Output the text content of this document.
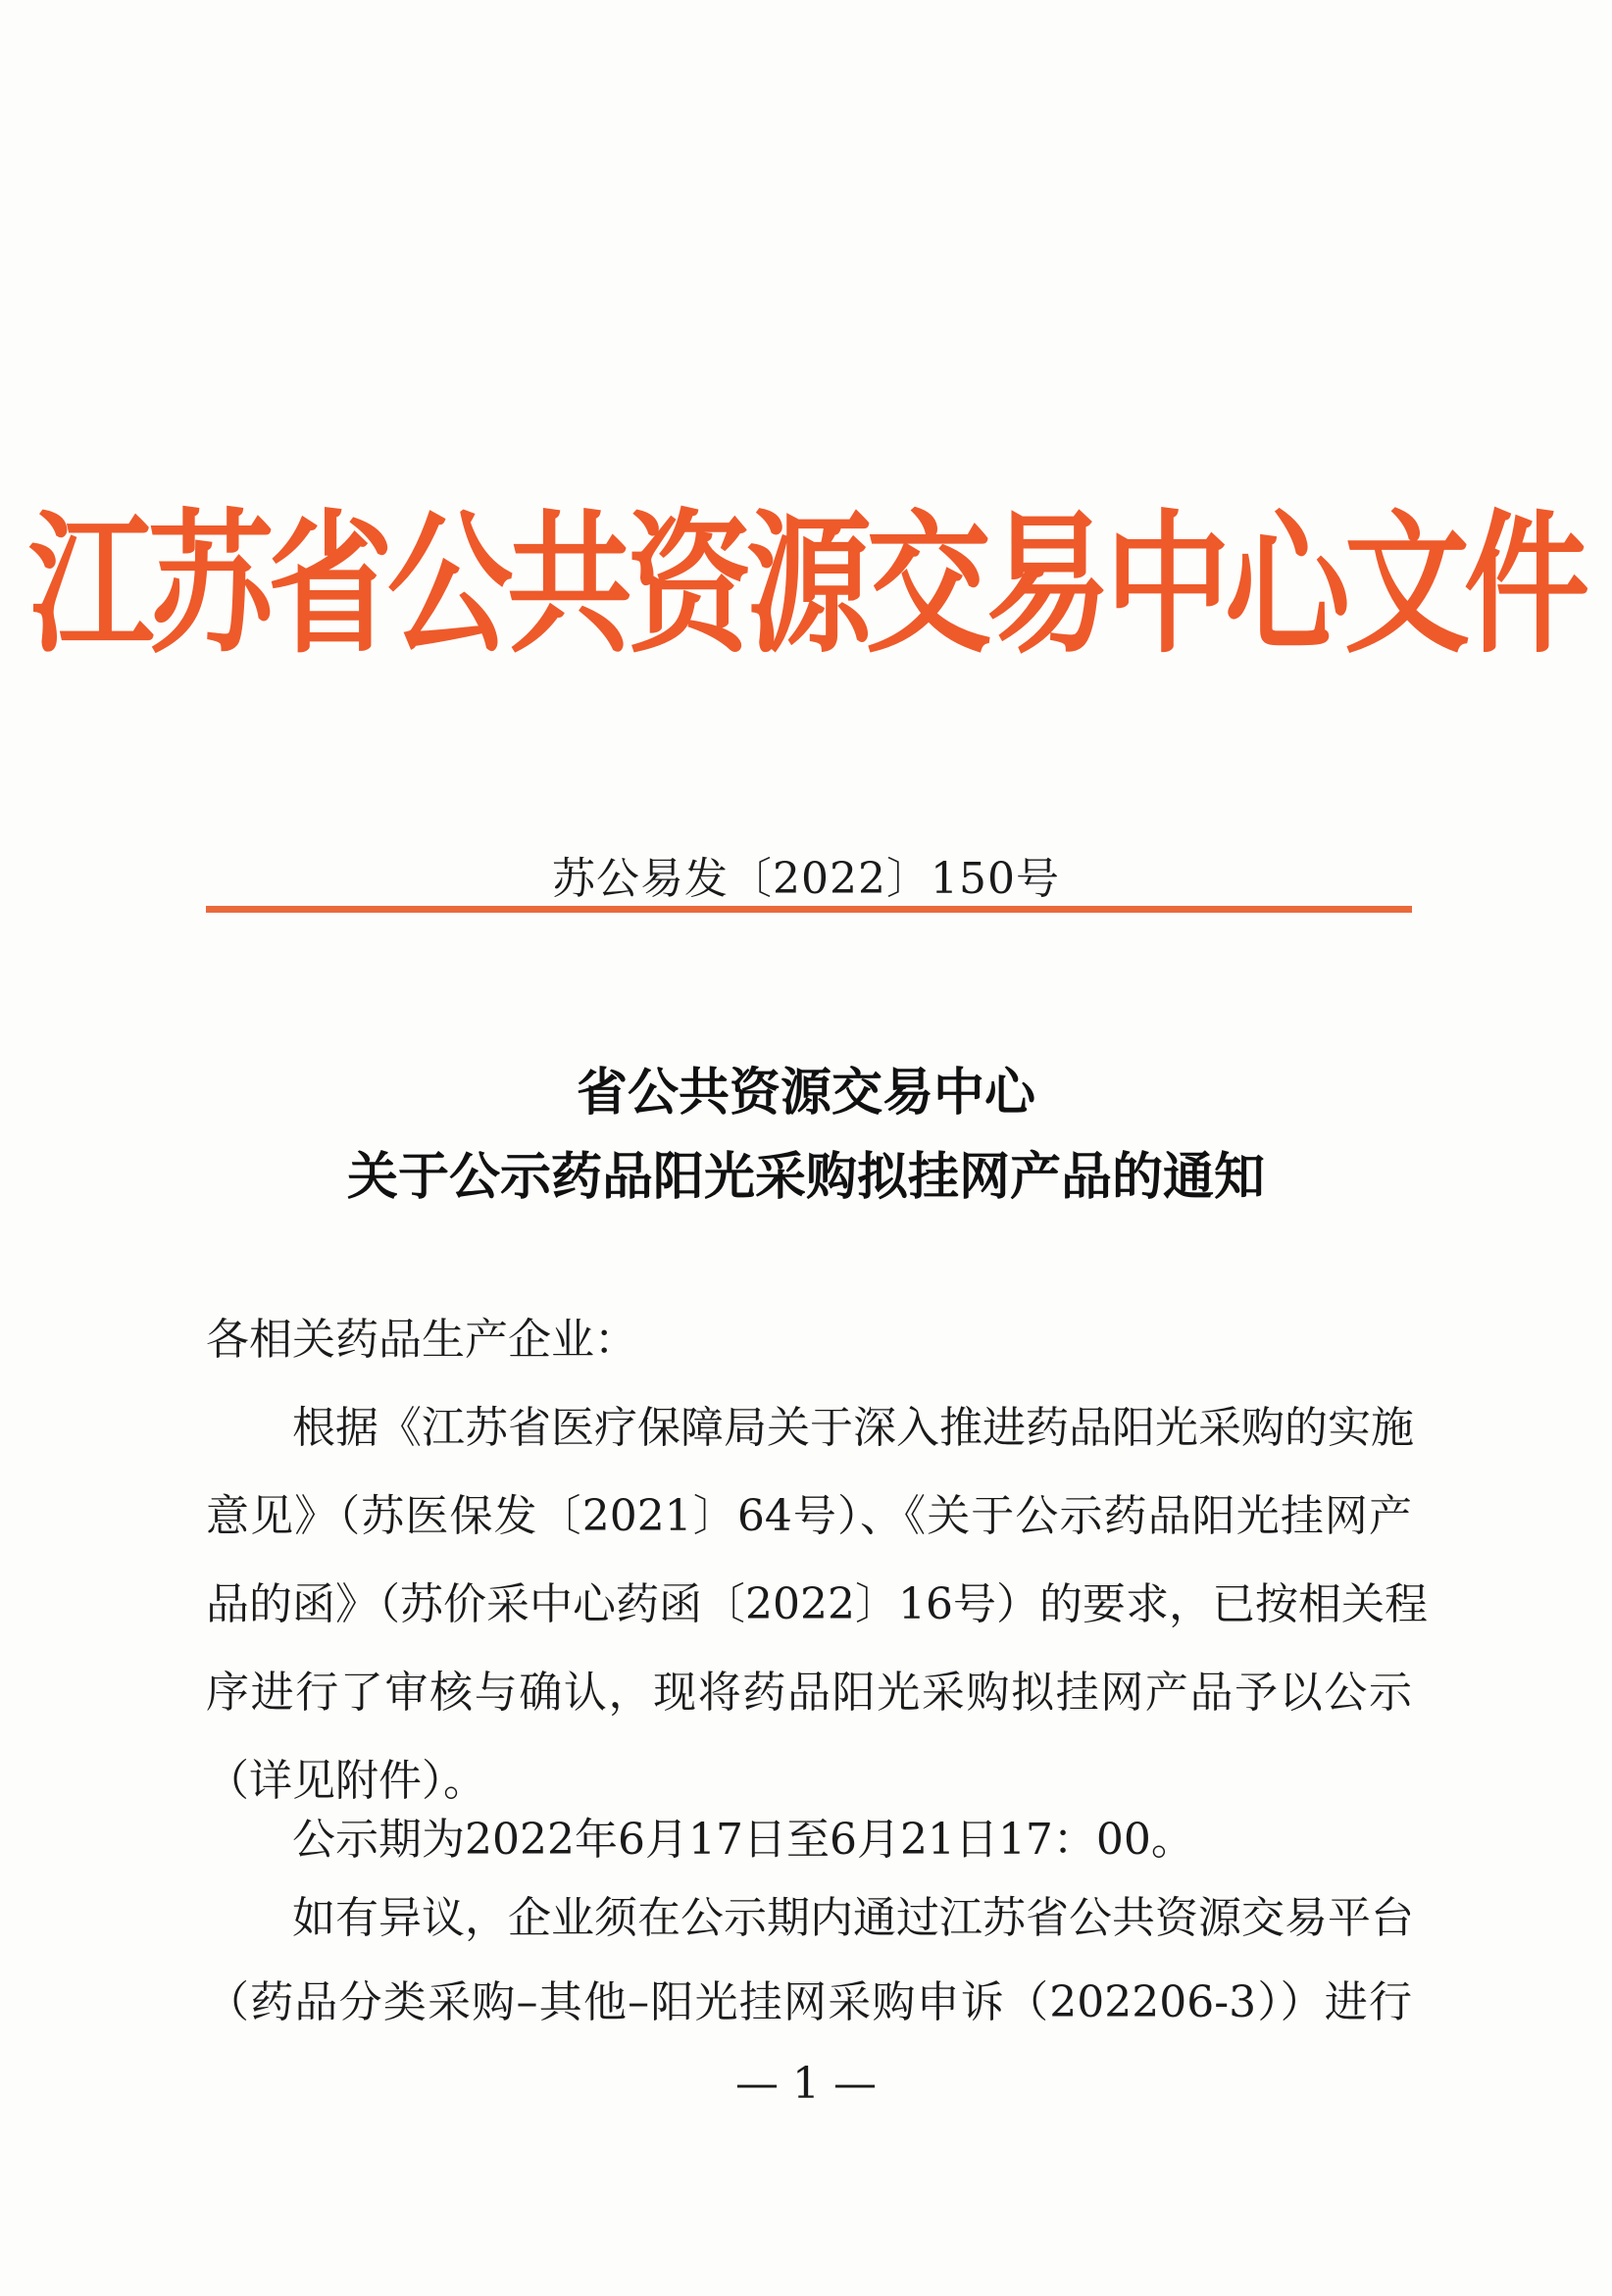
江苏省公共资源交易中心文件
苏公易发〔2022〕150号
省公共资源交易中心
关于公示药品阳光采购拟挂网产品的通知
各相关药品生产企业：
根据《江苏省医疗保障局关于深入推进药品阳光采购的实施
意见》（苏医保发〔2021〕64号）、《关于公示药品阳光挂网产
品的函》（苏价采中心药函〔2022〕16号）的要求，已按相关程
序进行了审核与确认，现将药品阳光采购拟挂网产品予以公示
（详见附件）。
公示期为2022年6月17日至6月21日17：00。
如有异议，企业须在公示期内通过江苏省公共资源交易平台
— 1 —
（药品分类采购–其他–阳光挂网采购申诉（202206-3））进行
